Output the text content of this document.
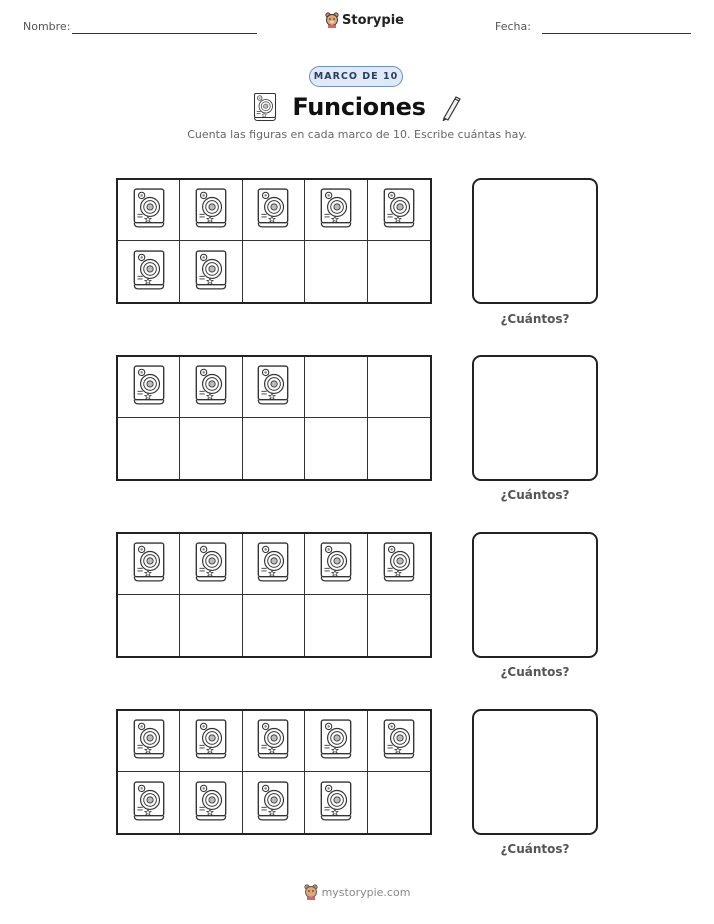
Nombre:	Storypie	Fecha:
MARCO DE 10
Funciones
Cuenta las figuras en cada marco de 10. Escribe cuántas hay.
¿Cuántos?
¿Cuántos?
¿Cuántos?
¿Cuántos?
mystorypie.com
